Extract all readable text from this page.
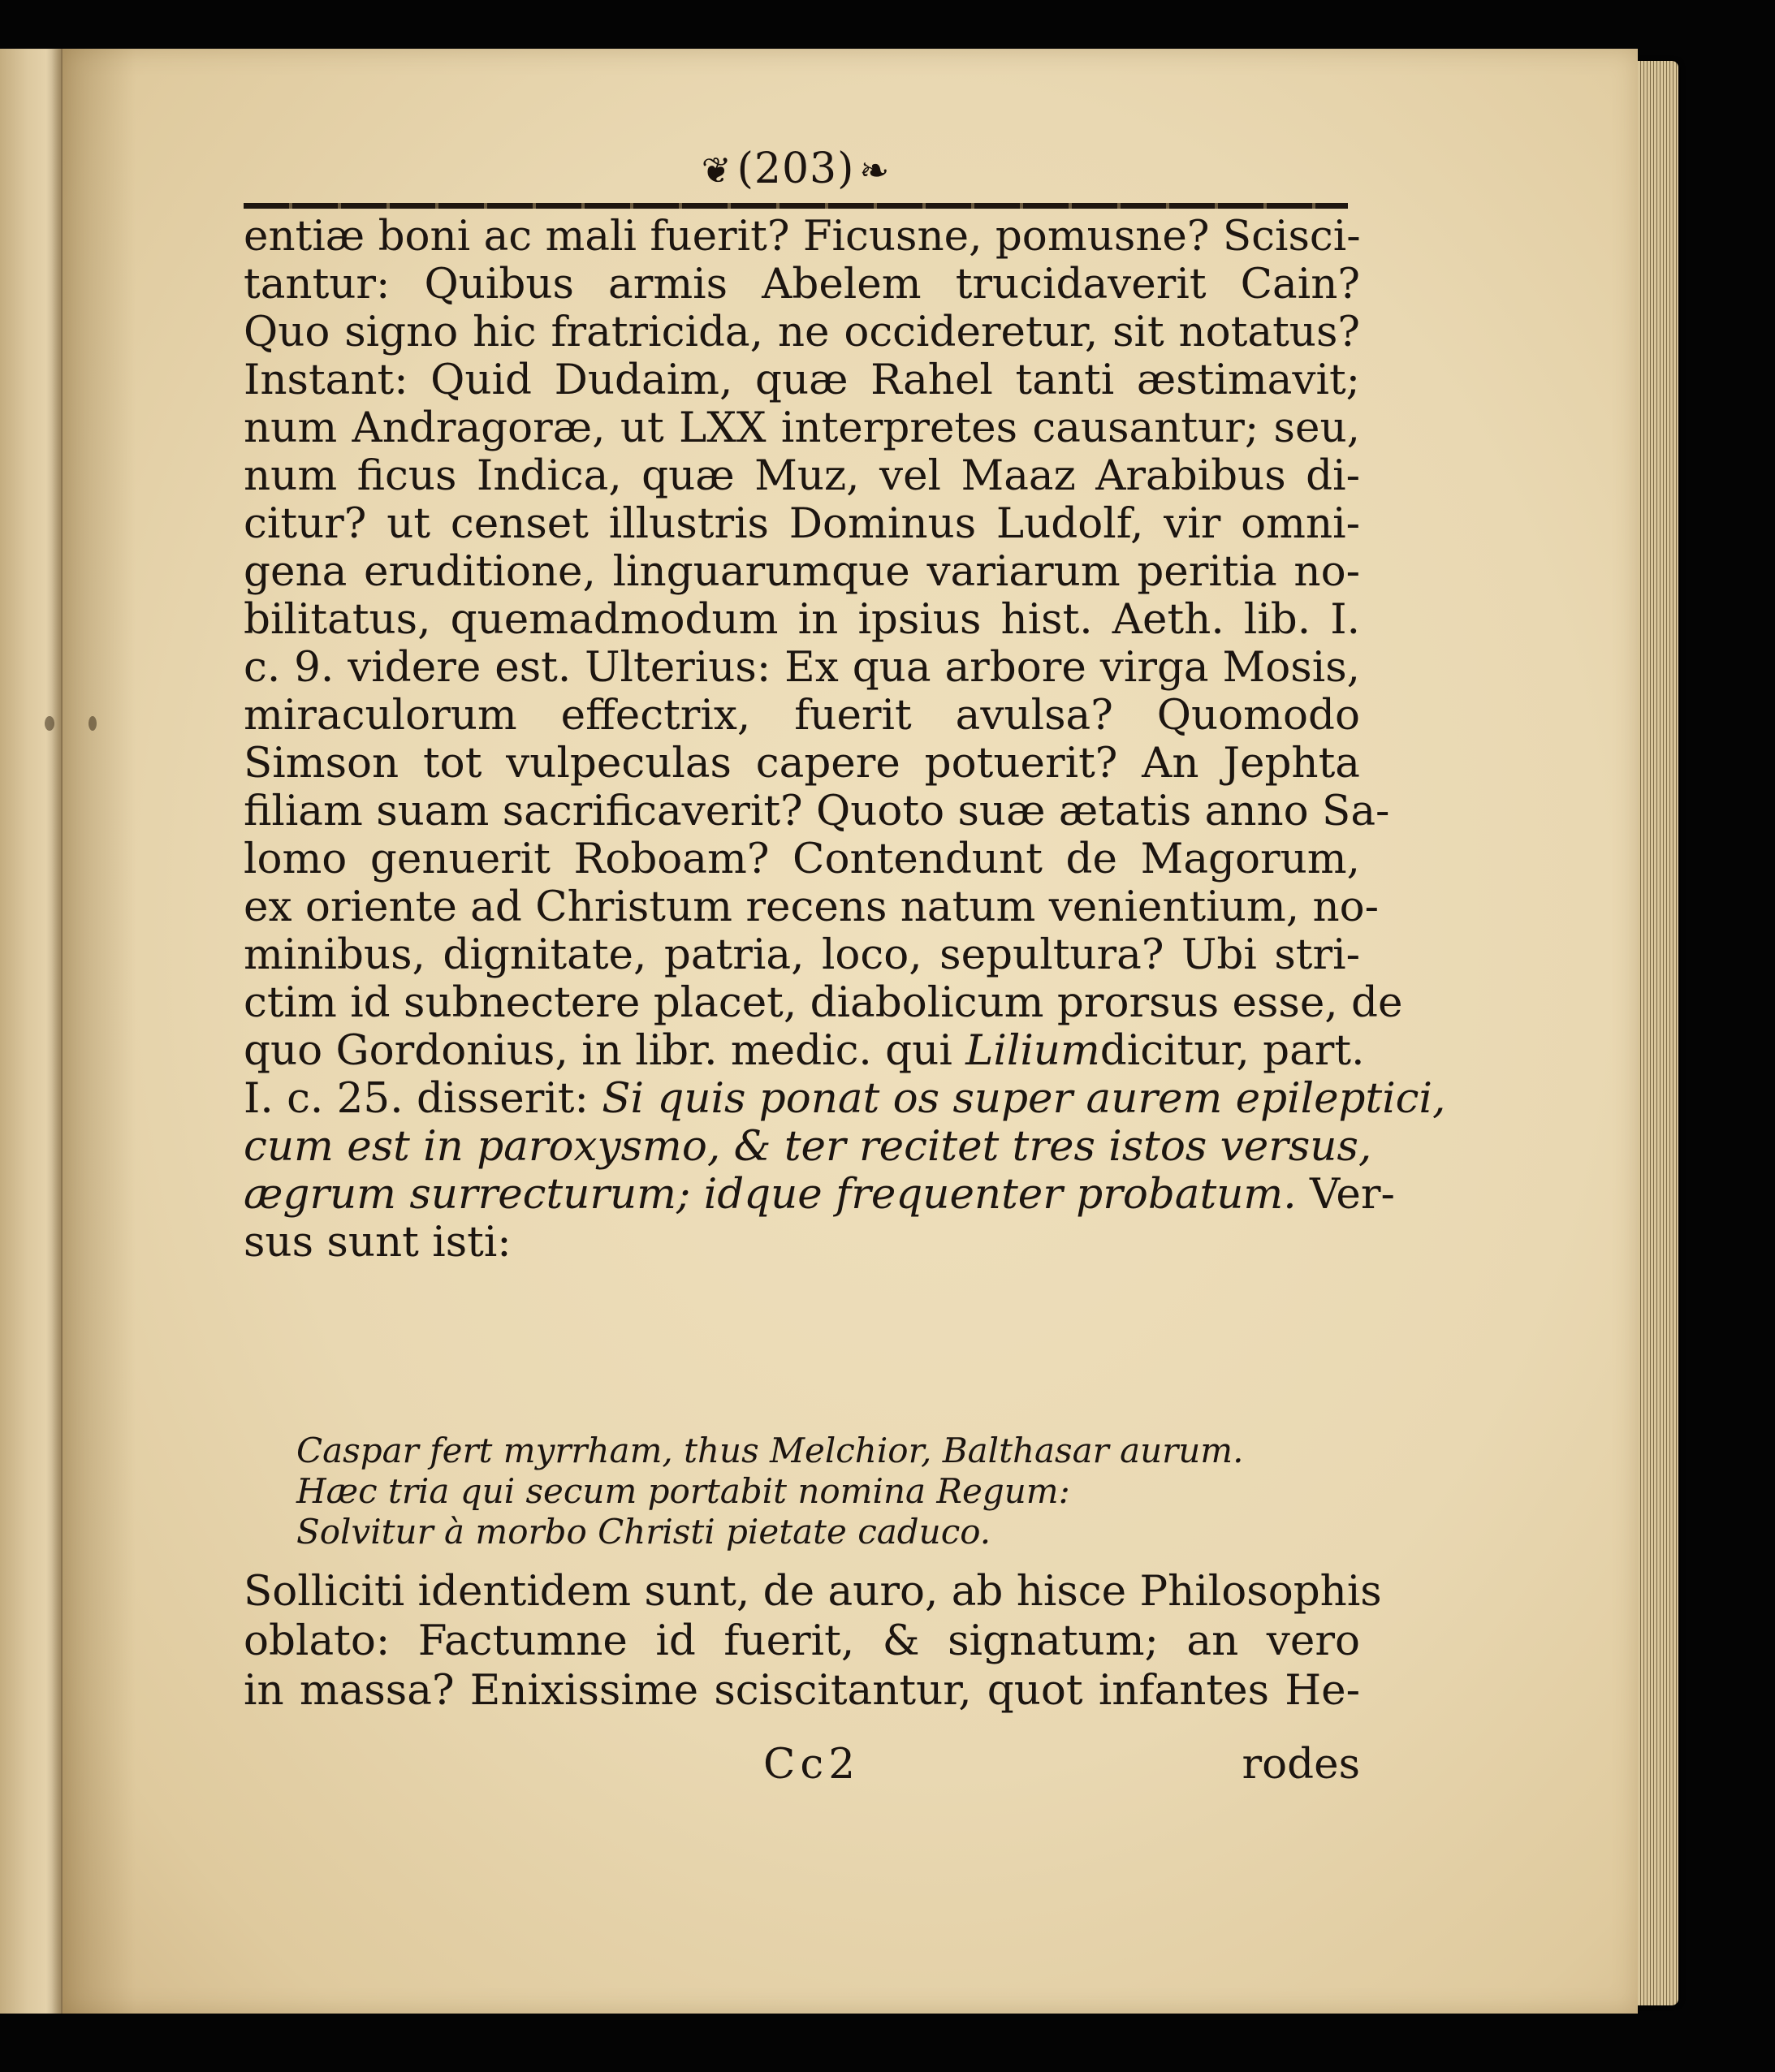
❦ (203) ❧
entiæ boni ac mali fuerit? Ficusne, pomusne? Scisci-
tantur: Quibus armis Abelem trucidaverit Cain?
Quo signo hic fratricida, ne occideretur, sit notatus?
Instant: Quid Dudaim, quæ Rahel tanti æstimavit;
num Andragoræ, ut LXX interpretes causantur; seu,
num ficus Indica, quæ Muz, vel Maaz Arabibus di-
citur? ut censet illustris Dominus Ludolf, vir omni-
gena eruditione, linguarumque variarum peritia no-
bilitatus, quemadmodum in ipsius hist. Aeth. lib. I.
c. 9. videre est. Ulterius: Ex qua arbore virga Mosis,
miraculorum effectrix, fuerit avulsa? Quomodo
Simson tot vulpeculas capere potuerit? An Jephta
filiam suam sacrificaverit? Quoto suæ ætatis anno Sa-
lomo genuerit Roboam? Contendunt de Magorum,
ex oriente ad Christum recens natum venientium, no-
minibus, dignitate, patria, loco, sepultura? Ubi stri-
ctim id subnectere placet, diabolicum prorsus esse, de
quo Gordonius, in libr. medic. qui Liliumdicitur, part.
I. c. 25. disserit: Si quis ponat os super aurem epileptici,
cum est in paroxysmo, & ter recitet tres istos versus,
ægrum surrecturum; idque frequenter probatum. Ver-
sus sunt isti:
Caspar fert myrrham, thus Melchior, Balthasar aurum.
Hæc tria qui secum portabit nomina Regum:
Solvitur à morbo Christi pietate caduco.
Solliciti identidem sunt, de auro, ab hisce Philosophis
oblato: Factumne id fuerit, & signatum; an vero
in massa? Enixissime sciscitantur, quot infantes He-
Cc2	rodes
